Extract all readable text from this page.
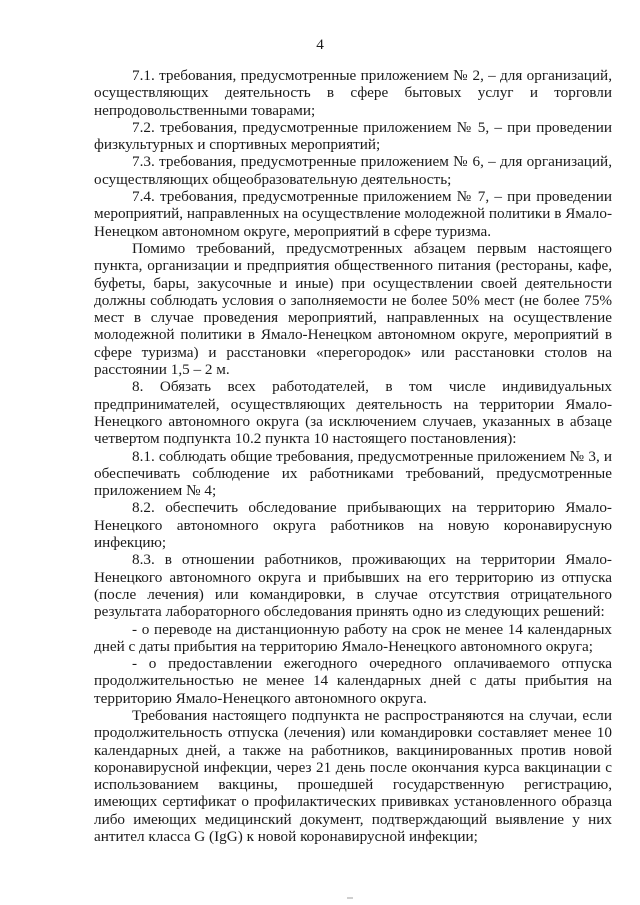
4

7.1. требования, предусмотренные приложением № 2, – для организаций, осуществляющих деятельность в сфере бытовых услуг и торговли непродовольственными товарами;

7.2. требования, предусмотренные приложением № 5, – при проведении физкультурных и спортивных мероприятий;

7.3. требования, предусмотренные приложением № 6, – для организаций, осуществляющих общеобразовательную деятельность;

7.4. требования, предусмотренные приложением № 7, – при проведении мероприятий, направленных на осуществление молодежной политики в Ямало-Ненецком автономном округе, мероприятий в сфере туризма.

Помимо требований, предусмотренных абзацем первым настоящего пункта, организации и предприятия общественного питания (рестораны, кафе, буфеты, бары, закусочные и иные) при осуществлении своей деятельности должны соблюдать условия о заполняемости не более 50% мест (не более 75% мест в случае проведения мероприятий, направленных на осуществление молодежной политики в Ямало-Ненецком автономном округе, мероприятий в сфере туризма) и расстановки «перегородок» или расстановки столов на расстоянии 1,5 – 2 м.

8. Обязать всех работодателей, в том числе индивидуальных предпринимателей, осуществляющих деятельность на территории Ямало-Ненецкого автономного округа (за исключением случаев, указанных в абзаце четвертом подпункта 10.2 пункта 10 настоящего постановления):

8.1. соблюдать общие требования, предусмотренные приложением № 3, и обеспечивать соблюдение их работниками требований, предусмотренные приложением № 4;

8.2. обеспечить обследование прибывающих на территорию Ямало-Ненецкого автономного округа работников на новую коронавирусную инфекцию;

8.3. в отношении работников, проживающих на территории Ямало-Ненецкого автономного округа и прибывших на его территорию из отпуска (после лечения) или командировки, в случае отсутствия отрицательного результата лабораторного обследования принять одно из следующих решений:

- о переводе на дистанционную работу на срок не менее 14 календарных дней с даты прибытия на территорию Ямало-Ненецкого автономного округа;

- о предоставлении ежегодного очередного оплачиваемого отпуска продолжительностью не менее 14 календарных дней с даты прибытия на территорию Ямало-Ненецкого автономного округа.

Требования настоящего подпункта не распространяются на случаи, если продолжительность отпуска (лечения) или командировки составляет менее 10 календарных дней, а также на работников, вакцинированных против новой коронавирусной инфекции, через 21 день после окончания курса вакцинации с использованием вакцины, прошедшей государственную регистрацию, имеющих сертификат о профилактических прививках установленного образца либо имеющих медицинский документ, подтверждающий выявление у них антител класса G (IgG) к новой коронавирусной инфекции;
